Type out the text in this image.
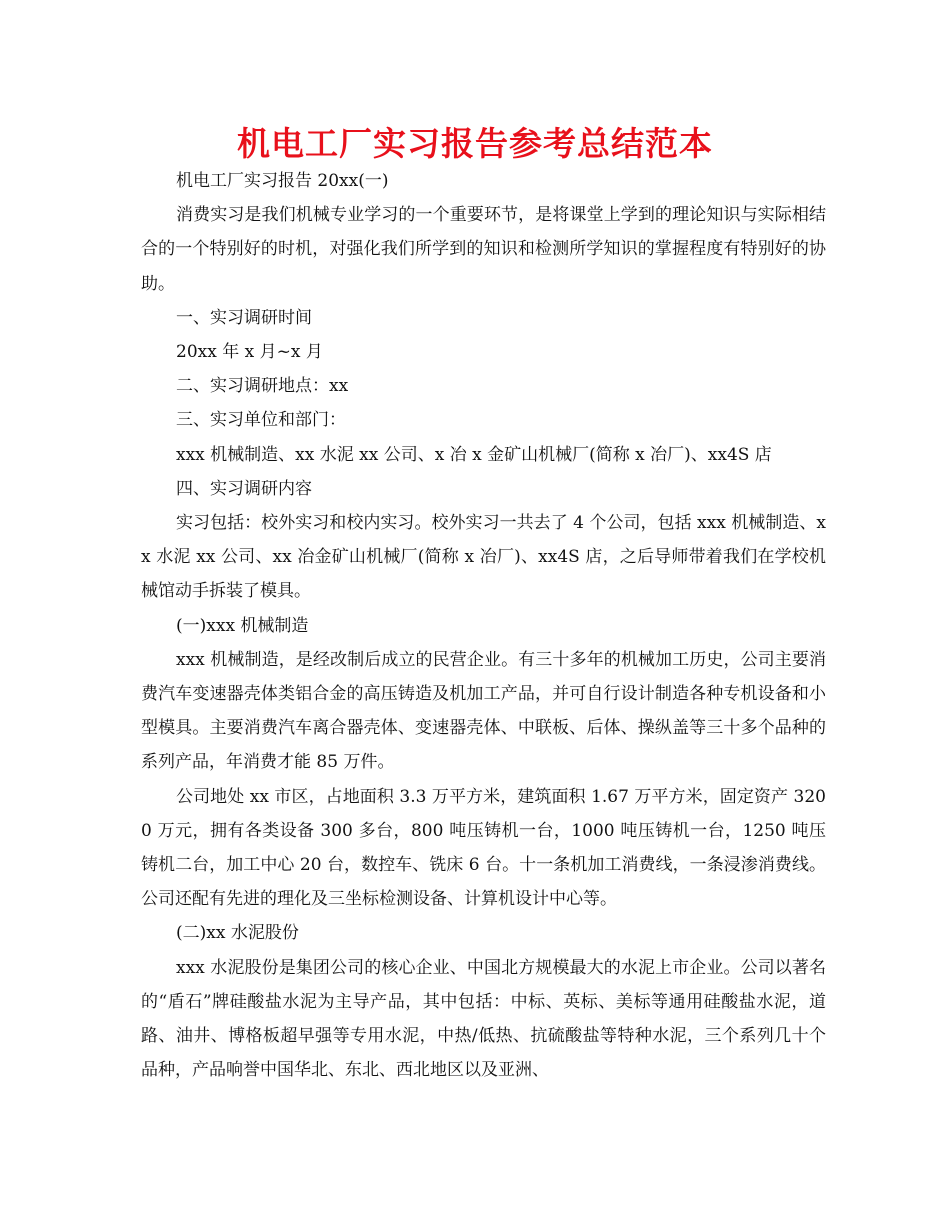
机电工厂实习报告参考总结范本

机电工厂实习报告 20xx(一)

消费实习是我们机械专业学习的一个重要环节，是将课堂上学到的理论知识与实际相结合的一个特别好的时机，对强化我们所学到的知识和检测所学知识的掌握程度有特别好的协助。

一、实习调研时间

20xx 年 x 月~x 月

二、实习调研地点：xx

三、实习单位和部门：

xxx 机械制造、xx 水泥 xx 公司、x 冶 x 金矿山机械厂(简称 x 冶厂)、xx4S 店

四、实习调研内容

实习包括：校外实习和校内实习。校外实习一共去了 4 个公司，包括 xxx 机械制造、xx 水泥 xx 公司、xx 冶金矿山机械厂(简称 x 冶厂)、xx4S 店，之后导师带着我们在学校机械馆动手拆装了模具。

(一)xxx 机械制造

xxx 机械制造，是经改制后成立的民营企业。有三十多年的机械加工历史，公司主要消费汽车变速器壳体类铝合金的高压铸造及机加工产品，并可自行设计制造各种专机设备和小型模具。主要消费汽车离合器壳体、变速器壳体、中联板、后体、操纵盖等三十多个品种的系列产品，年消费才能 85 万件。

公司地处 xx 市区，占地面积 3.3 万平方米，建筑面积 1.67 万平方米，固定资产 3200 万元，拥有各类设备 300 多台，800 吨压铸机一台，1000 吨压铸机一台，1250 吨压铸机二台，加工中心 20 台，数控车、铣床 6 台。十一条机加工消费线，一条浸渗消费线。公司还配有先进的理化及三坐标检测设备、计算机设计中心等。

(二)xx 水泥股份

xxx 水泥股份是集团公司的核心企业、中国北方规模最大的水泥上市企业。公司以著名的“盾石”牌硅酸盐水泥为主导产品，其中包括：中标、英标、美标等通用硅酸盐水泥，道路、油井、博格板超早强等专用水泥，中热/低热、抗硫酸盐等特种水泥，三个系列几十个品种，产品响誉中国华北、东北、西北地区以及亚洲、
